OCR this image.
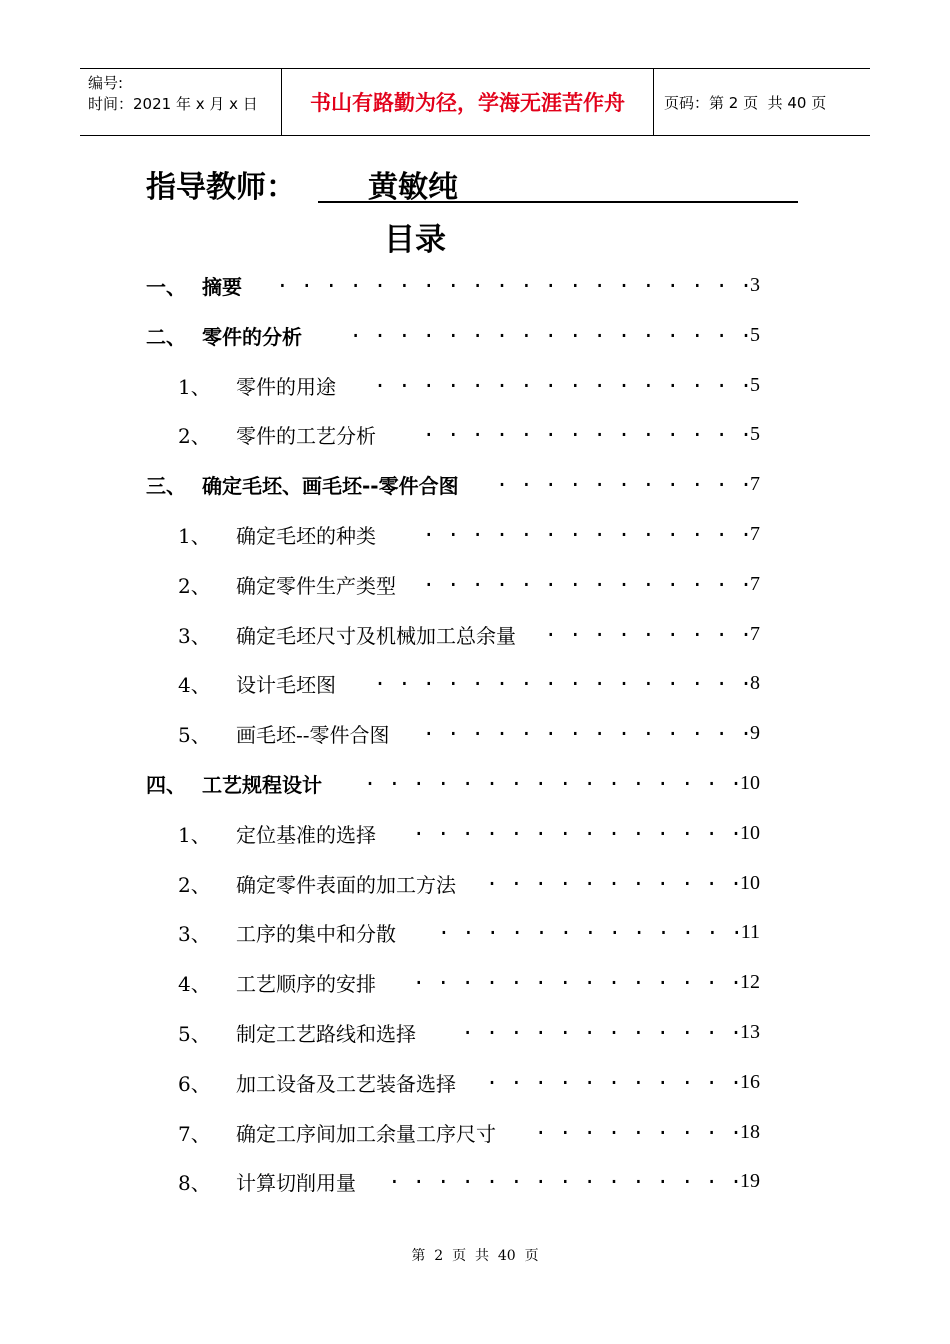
编号:
时间：2021 年 x 月 x 日	书山有路勤为径，学海无涯苦作舟	页码：第 2 页  共 40 页
指导教师： 黄敏纯
目录
一、 摘要 . . . . . . . . . . . . . . . . . . . .
3
二、 零件的分析 . . . . . . . . . . . . . . . . .
5
1、 零件的用途 . . . . . . . . . . . . . . . .
5
2、 零件的工艺分析 . . . . . . . . . . . . . .
5
三、 确定毛坯、画毛坯--零件合图 . . . . . . . . . . .
7
1、 确定毛坯的种类 . . . . . . . . . . . . . .
7
2、 确定零件生产类型 . . . . . . . . . . . . . .
7
3、 确定毛坯尺寸及机械加工总余量 . . . . . . . . .
7
4、 设计毛坯图 . . . . . . . . . . . . . . . .
8
5、 画毛坯--零件合图 . . . . . . . . . . . . . .
9
四、 工艺规程设计 . . . . . . . . . . . . . . . .
10
1、 定位基准的选择 . . . . . . . . . . . . . .
10
2、 确定零件表面的加工方法 . . . . . . . . . . .
10
3、 工序的集中和分散 . . . . . . . . . . . . .
11
4、 工艺顺序的安排 . . . . . . . . . . . . . .
12
5、 制定工艺路线和选择 . . . . . . . . . . . .
13
6、 加工设备及工艺装备选择 . . . . . . . . . . .
16
7、 确定工序间加工余量工序尺寸 . . . . . . . . .
18
8、 计算切削用量 . . . . . . . . . . . . . . .
19
第  2  页  共  40  页
